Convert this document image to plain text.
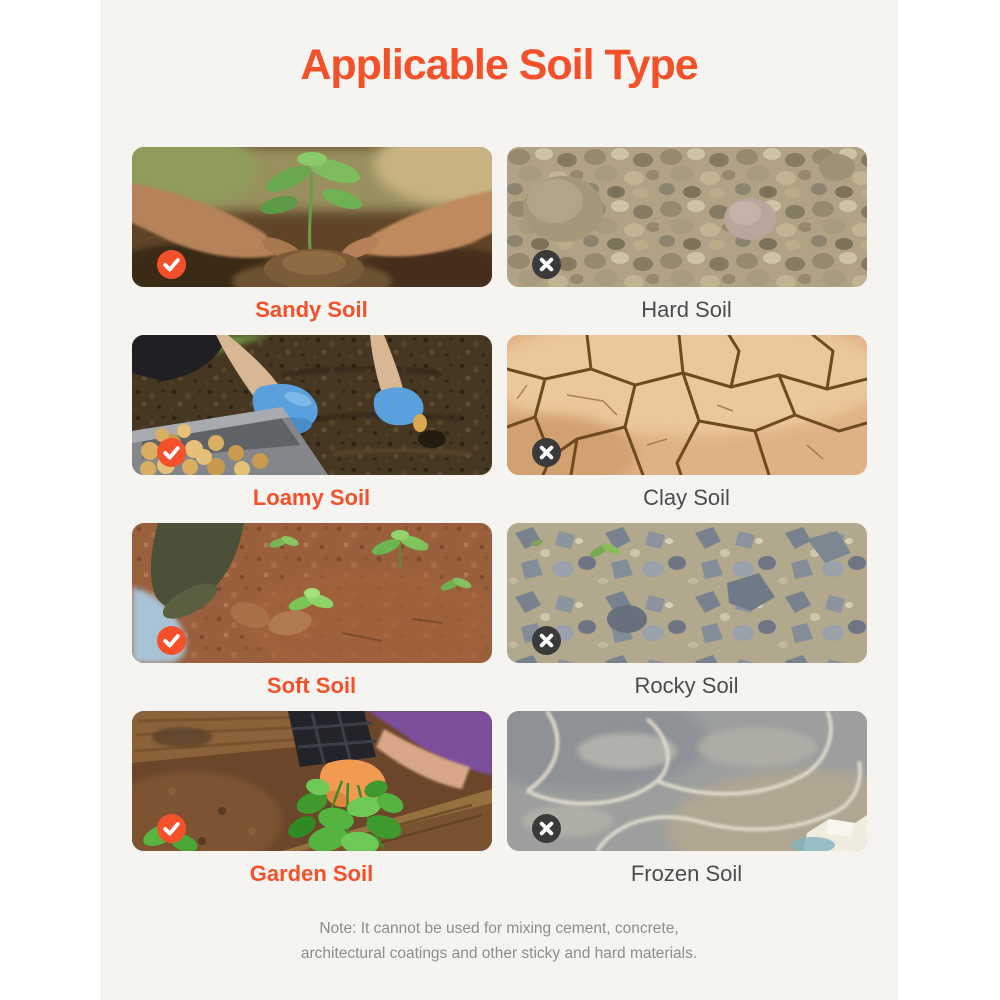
Applicable Soil Type
Sandy Soil	Hard Soil
Loamy Soil	Clay Soil
Soft Soil	Rocky Soil
Garden Soil	Frozen Soil
Note: It cannot be used for mixing cement, concrete,
architectural coatings and other sticky and hard materials.
